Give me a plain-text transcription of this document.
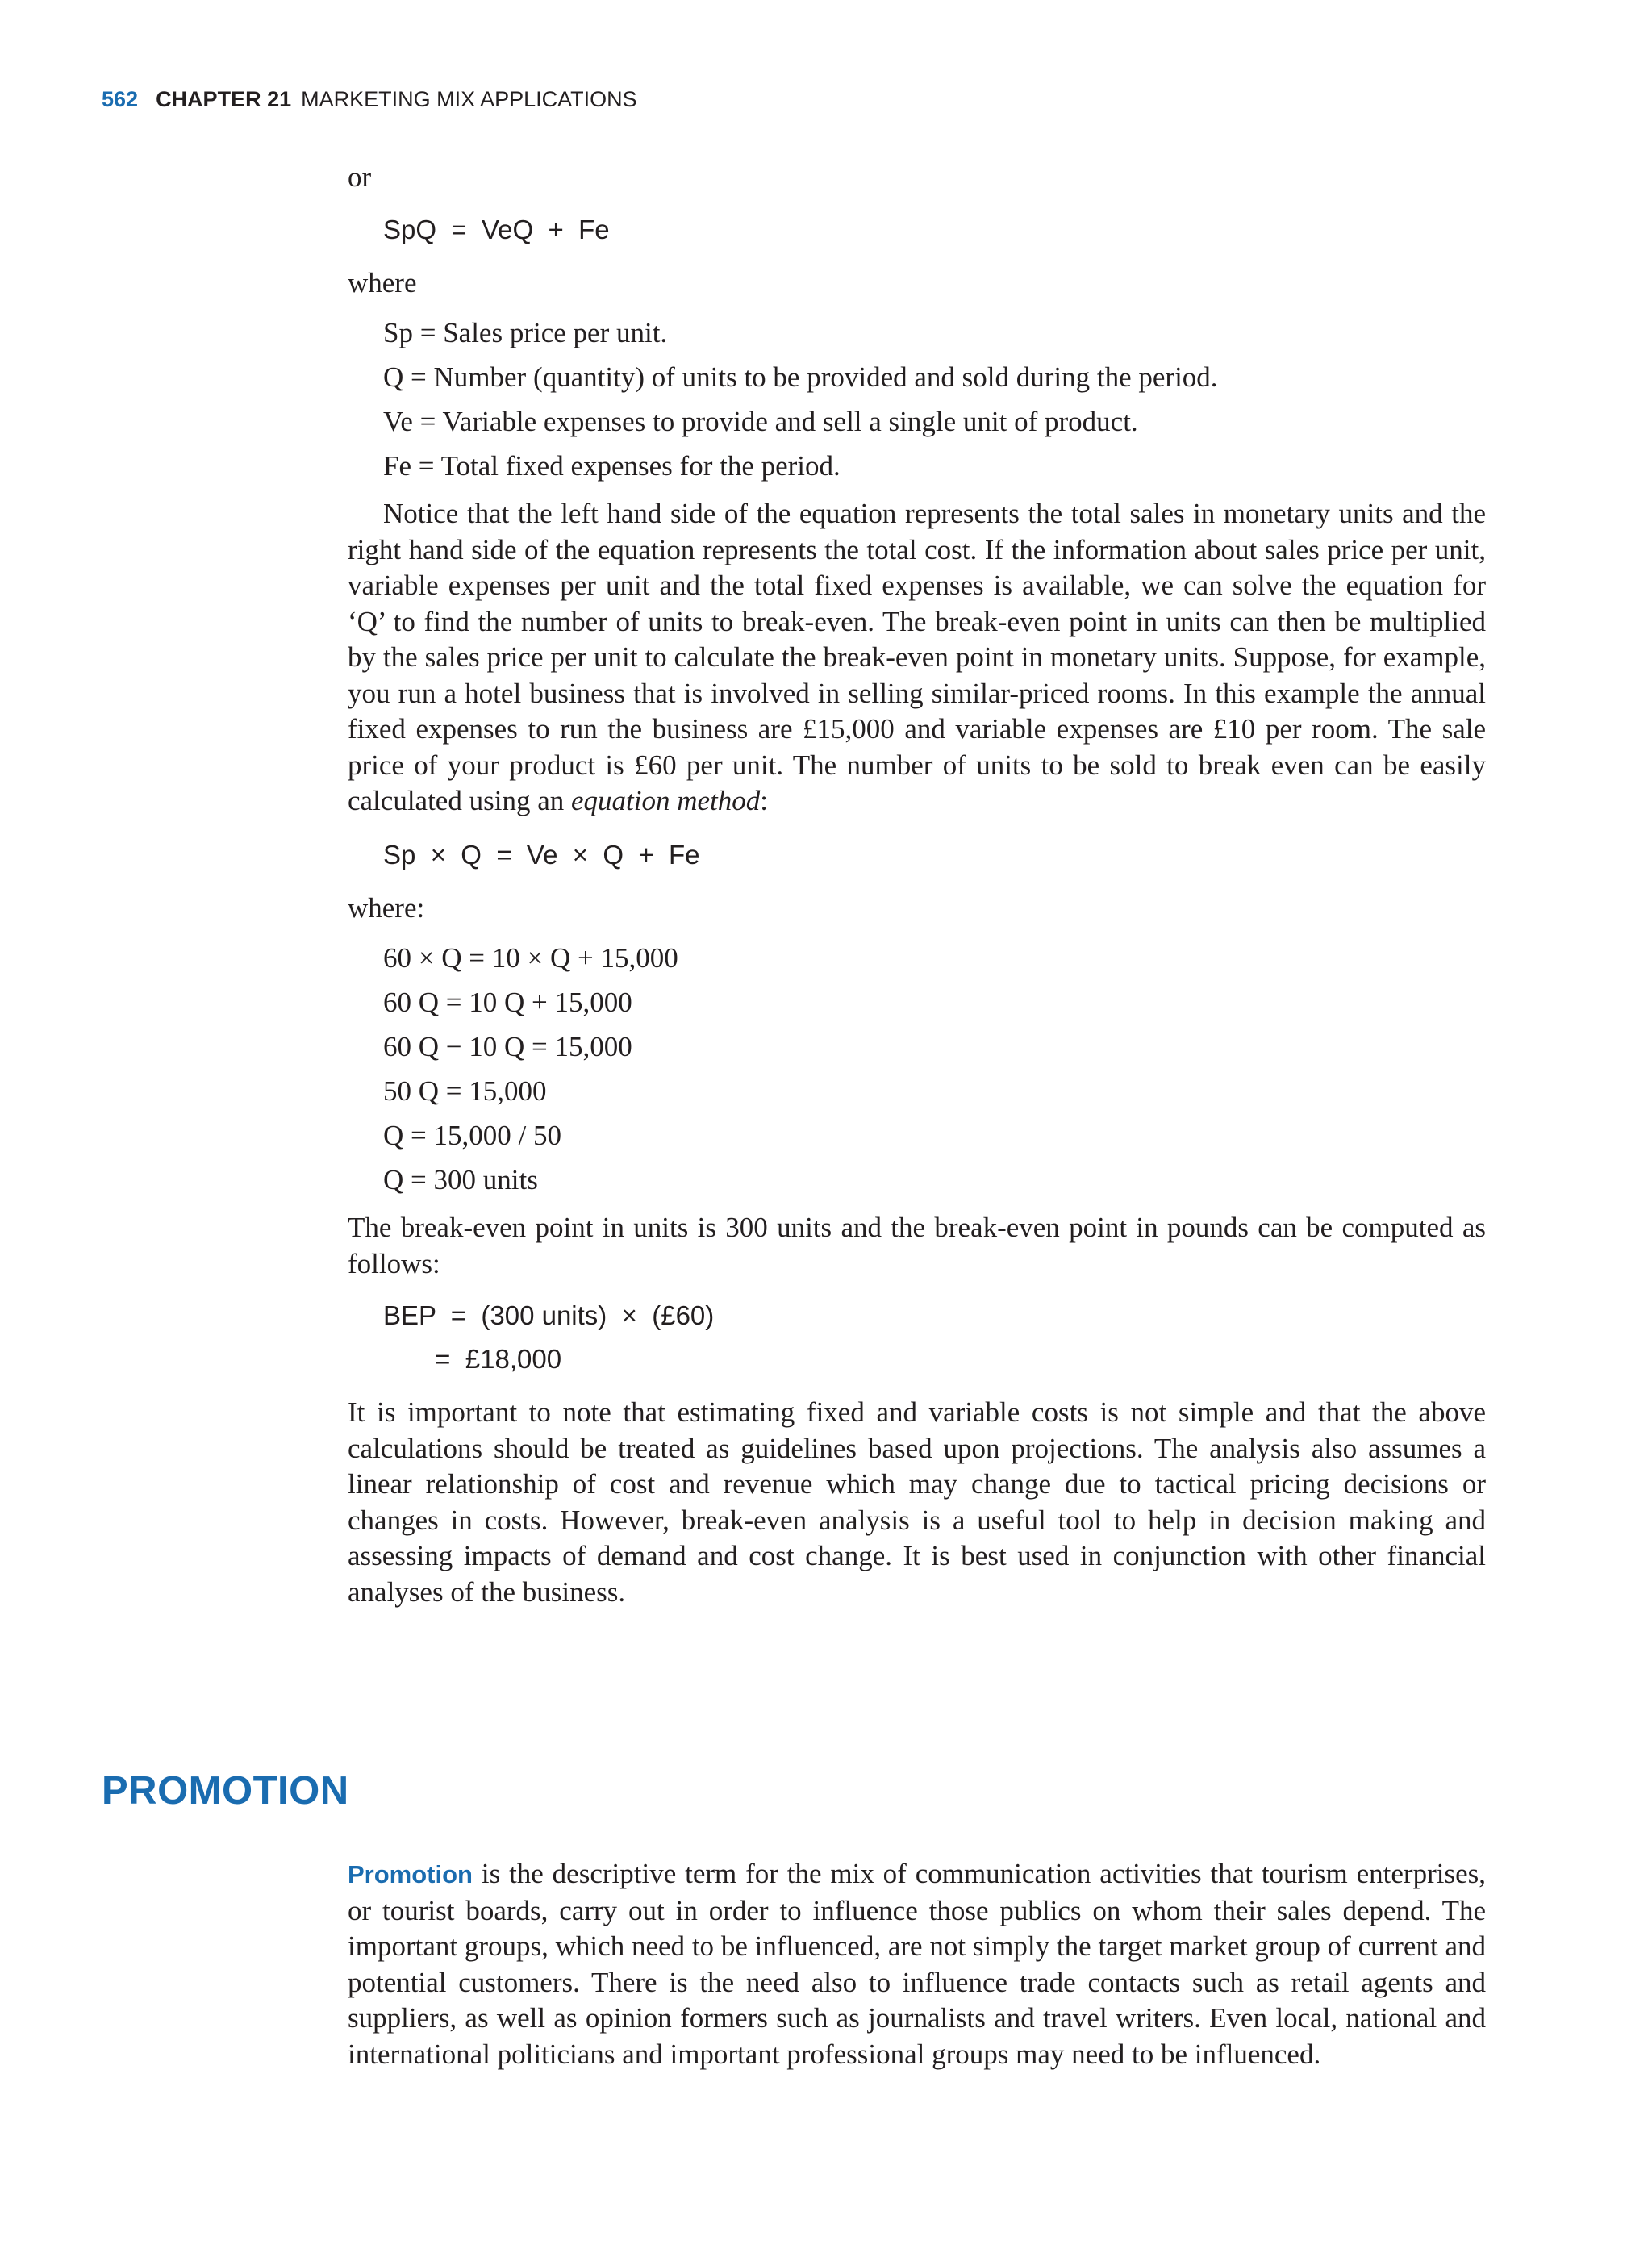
562 CHAPTER 21 MARKETING MIX APPLICATIONS

or

SpQ  =  VeQ  +  Fe

where

Sp = Sales price per unit.
Q = Number (quantity) of units to be provided and sold during the period.
Ve = Variable expenses to provide and sell a single unit of product.
Fe = Total fixed expenses for the period.

Notice that the left hand side of the equation represents the total sales in monetary units and the right hand side of the equation represents the total cost. If the information about sales price per unit, variable expenses per unit and the total fixed expenses is available, we can solve the equation for ‘Q’ to find the number of units to break-even. The break-even point in units can then be multiplied by the sales price per unit to calculate the break-even point in monetary units. Suppose, for example, you run a hotel business that is involved in selling similar-priced rooms. In this example the annual fixed expenses to run the business are £15,000 and variable expenses are £10 per room. The sale price of your product is £60 per unit. The number of units to be sold to break even can be easily calculated using an equation method:

Sp  ×  Q  =  Ve  ×  Q  +  Fe

where:

60 × Q = 10 × Q + 15,000
60 Q = 10 Q + 15,000
60 Q − 10 Q = 15,000
50 Q = 15,000
Q = 15,000 / 50
Q = 300 units

The break-even point in units is 300 units and the break-even point in pounds can be computed as follows:

BEP  =  (300 units)  ×  (£60)
=  £18,000

It is important to note that estimating fixed and variable costs is not simple and that the above calculations should be treated as guidelines based upon projections. The analysis also assumes a linear relationship of cost and revenue which may change due to tactical pricing decisions or changes in costs. However, break-even analysis is a useful tool to help in decision making and assessing impacts of demand and cost change. It is best used in conjunction with other financial analyses of the business.

PROMOTION

Promotion is the descriptive term for the mix of communication activities that tourism enterprises, or tourist boards, carry out in order to influence those publics on whom their sales depend. The important groups, which need to be influenced, are not simply the target market group of current and potential customers. There is the need also to influence trade contacts such as retail agents and suppliers, as well as opinion formers such as journalists and travel writers. Even local, national and international politicians and important professional groups may need to be influenced.
